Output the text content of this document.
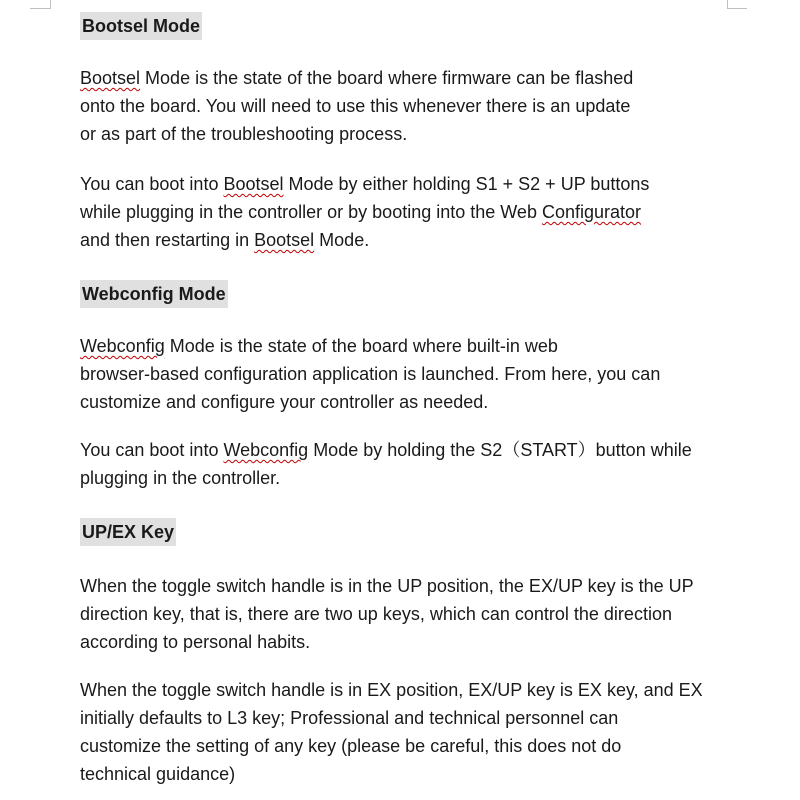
Bootsel Mode
Bootsel Mode is the state of the board where firmware can be flashed
onto the board. You will need to use this whenever there is an update
or as part of the troubleshooting process.
You can boot into Bootsel Mode by either holding S1 + S2 + UP buttons
while plugging in the controller or by booting into the Web Configurator
and then restarting in Bootsel Mode.
Webconfig Mode
Webconfig Mode is the state of the board where built-in web
browser-based configuration application is launched. From here, you can
customize and configure your controller as needed.
You can boot into Webconfig Mode by holding the S2（START）button while
plugging in the controller.
UP/EX Key
When the toggle switch handle is in the UP position, the EX/UP key is the UP
direction key, that is, there are two up keys, which can control the direction
according to personal habits.
When the toggle switch handle is in EX position, EX/UP key is EX key, and EX
initially defaults to L3 key; Professional and technical personnel can
customize the setting of any key (please be careful, this does not do
technical guidance)
